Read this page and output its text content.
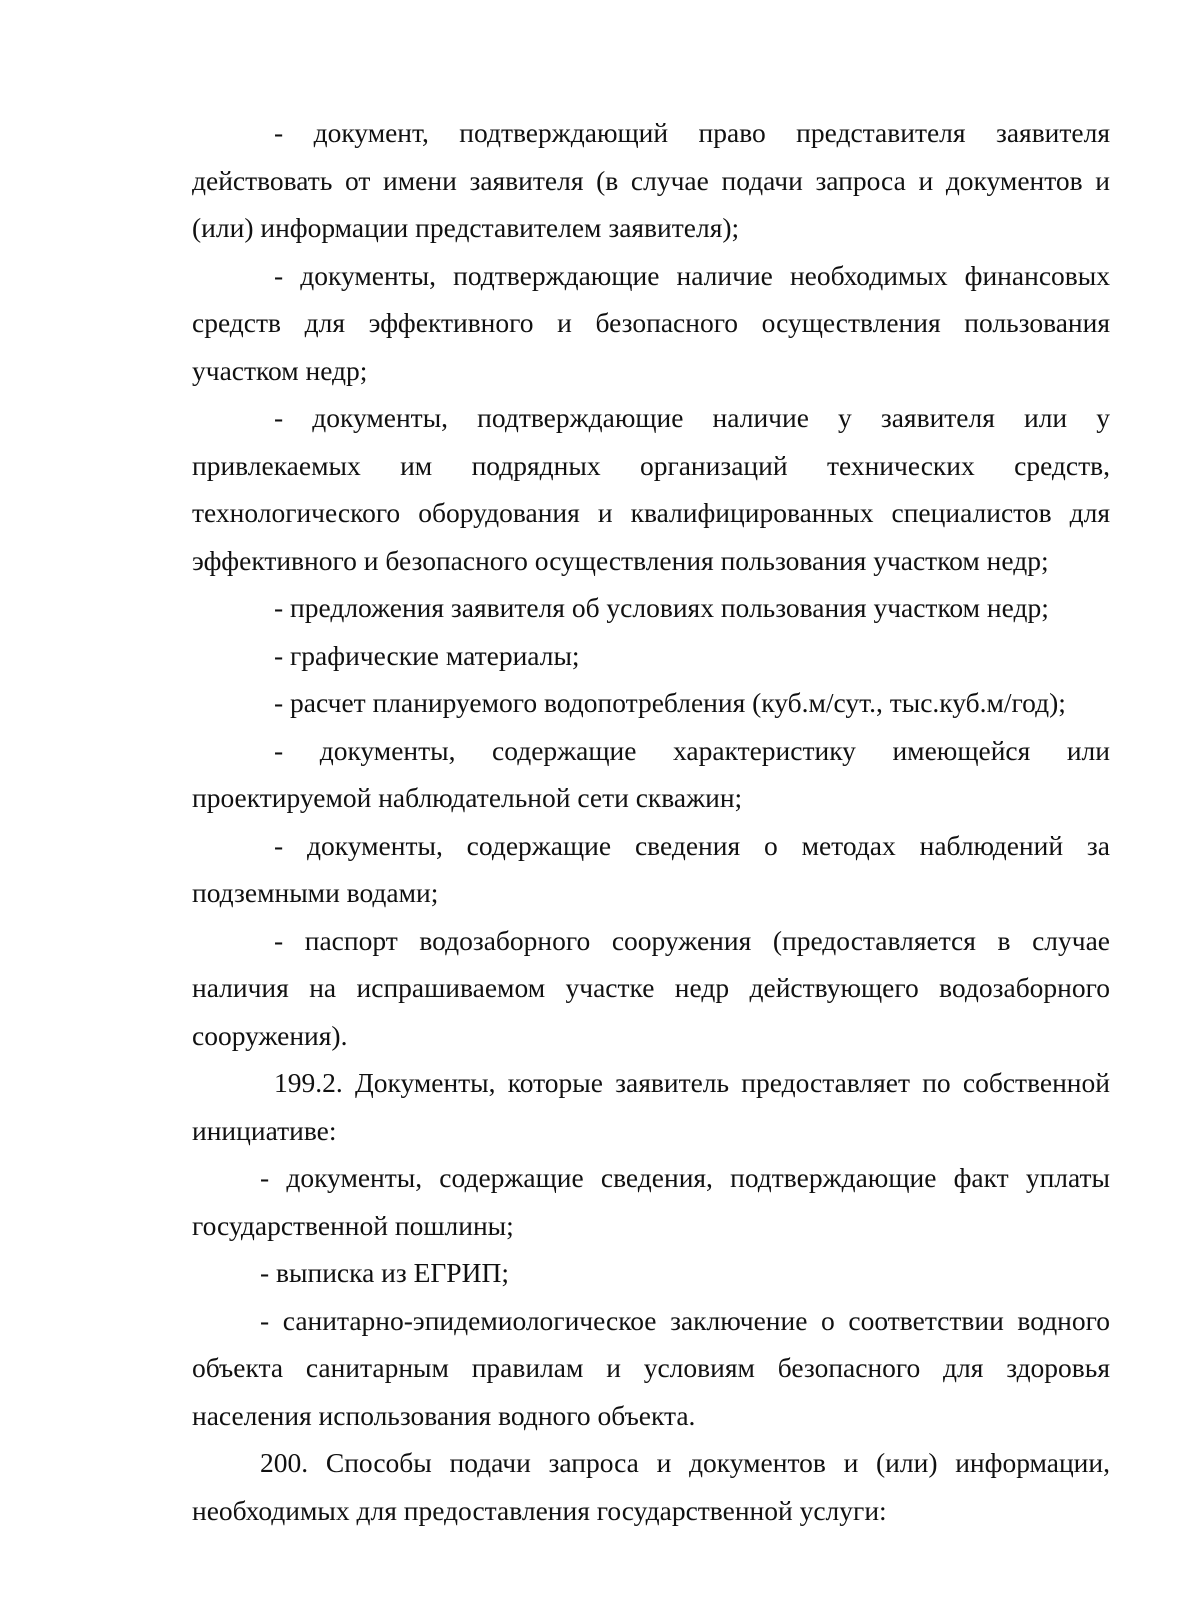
- документ, подтверждающий право представителя заявителя действовать от имени заявителя (в случае подачи запроса и документов и (или) информации представителем заявителя);

- документы, подтверждающие наличие необходимых финансовых средств для эффективного и безопасного осуществления пользования участком недр;

- документы, подтверждающие наличие у заявителя или у привлекаемых им подрядных организаций технических средств, технологического оборудования и квалифицированных специалистов для эффективного и безопасного осуществления пользования участком недр;

- предложения заявителя об условиях пользования участком недр;

- графические материалы;

- расчет планируемого водопотребления (куб.м/сут., тыс.куб.м/год);

- документы, содержащие характеристику имеющейся или проектируемой наблюдательной сети скважин;

- документы, содержащие сведения о методах наблюдений за подземными водами;

- паспорт водозаборного сооружения (предоставляется в случае наличия на испрашиваемом участке недр действующего водозаборного сооружения).

199.2. Документы, которые заявитель предоставляет по собственной инициативе:

- документы, содержащие сведения, подтверждающие факт уплаты государственной пошлины;

- выписка из ЕГРИП;

- санитарно-эпидемиологическое заключение о соответствии водного объекта санитарным правилам и условиям безопасного для здоровья населения использования водного объекта.

200. Способы подачи запроса и документов и (или) информации, необходимых для предоставления государственной услуги:
